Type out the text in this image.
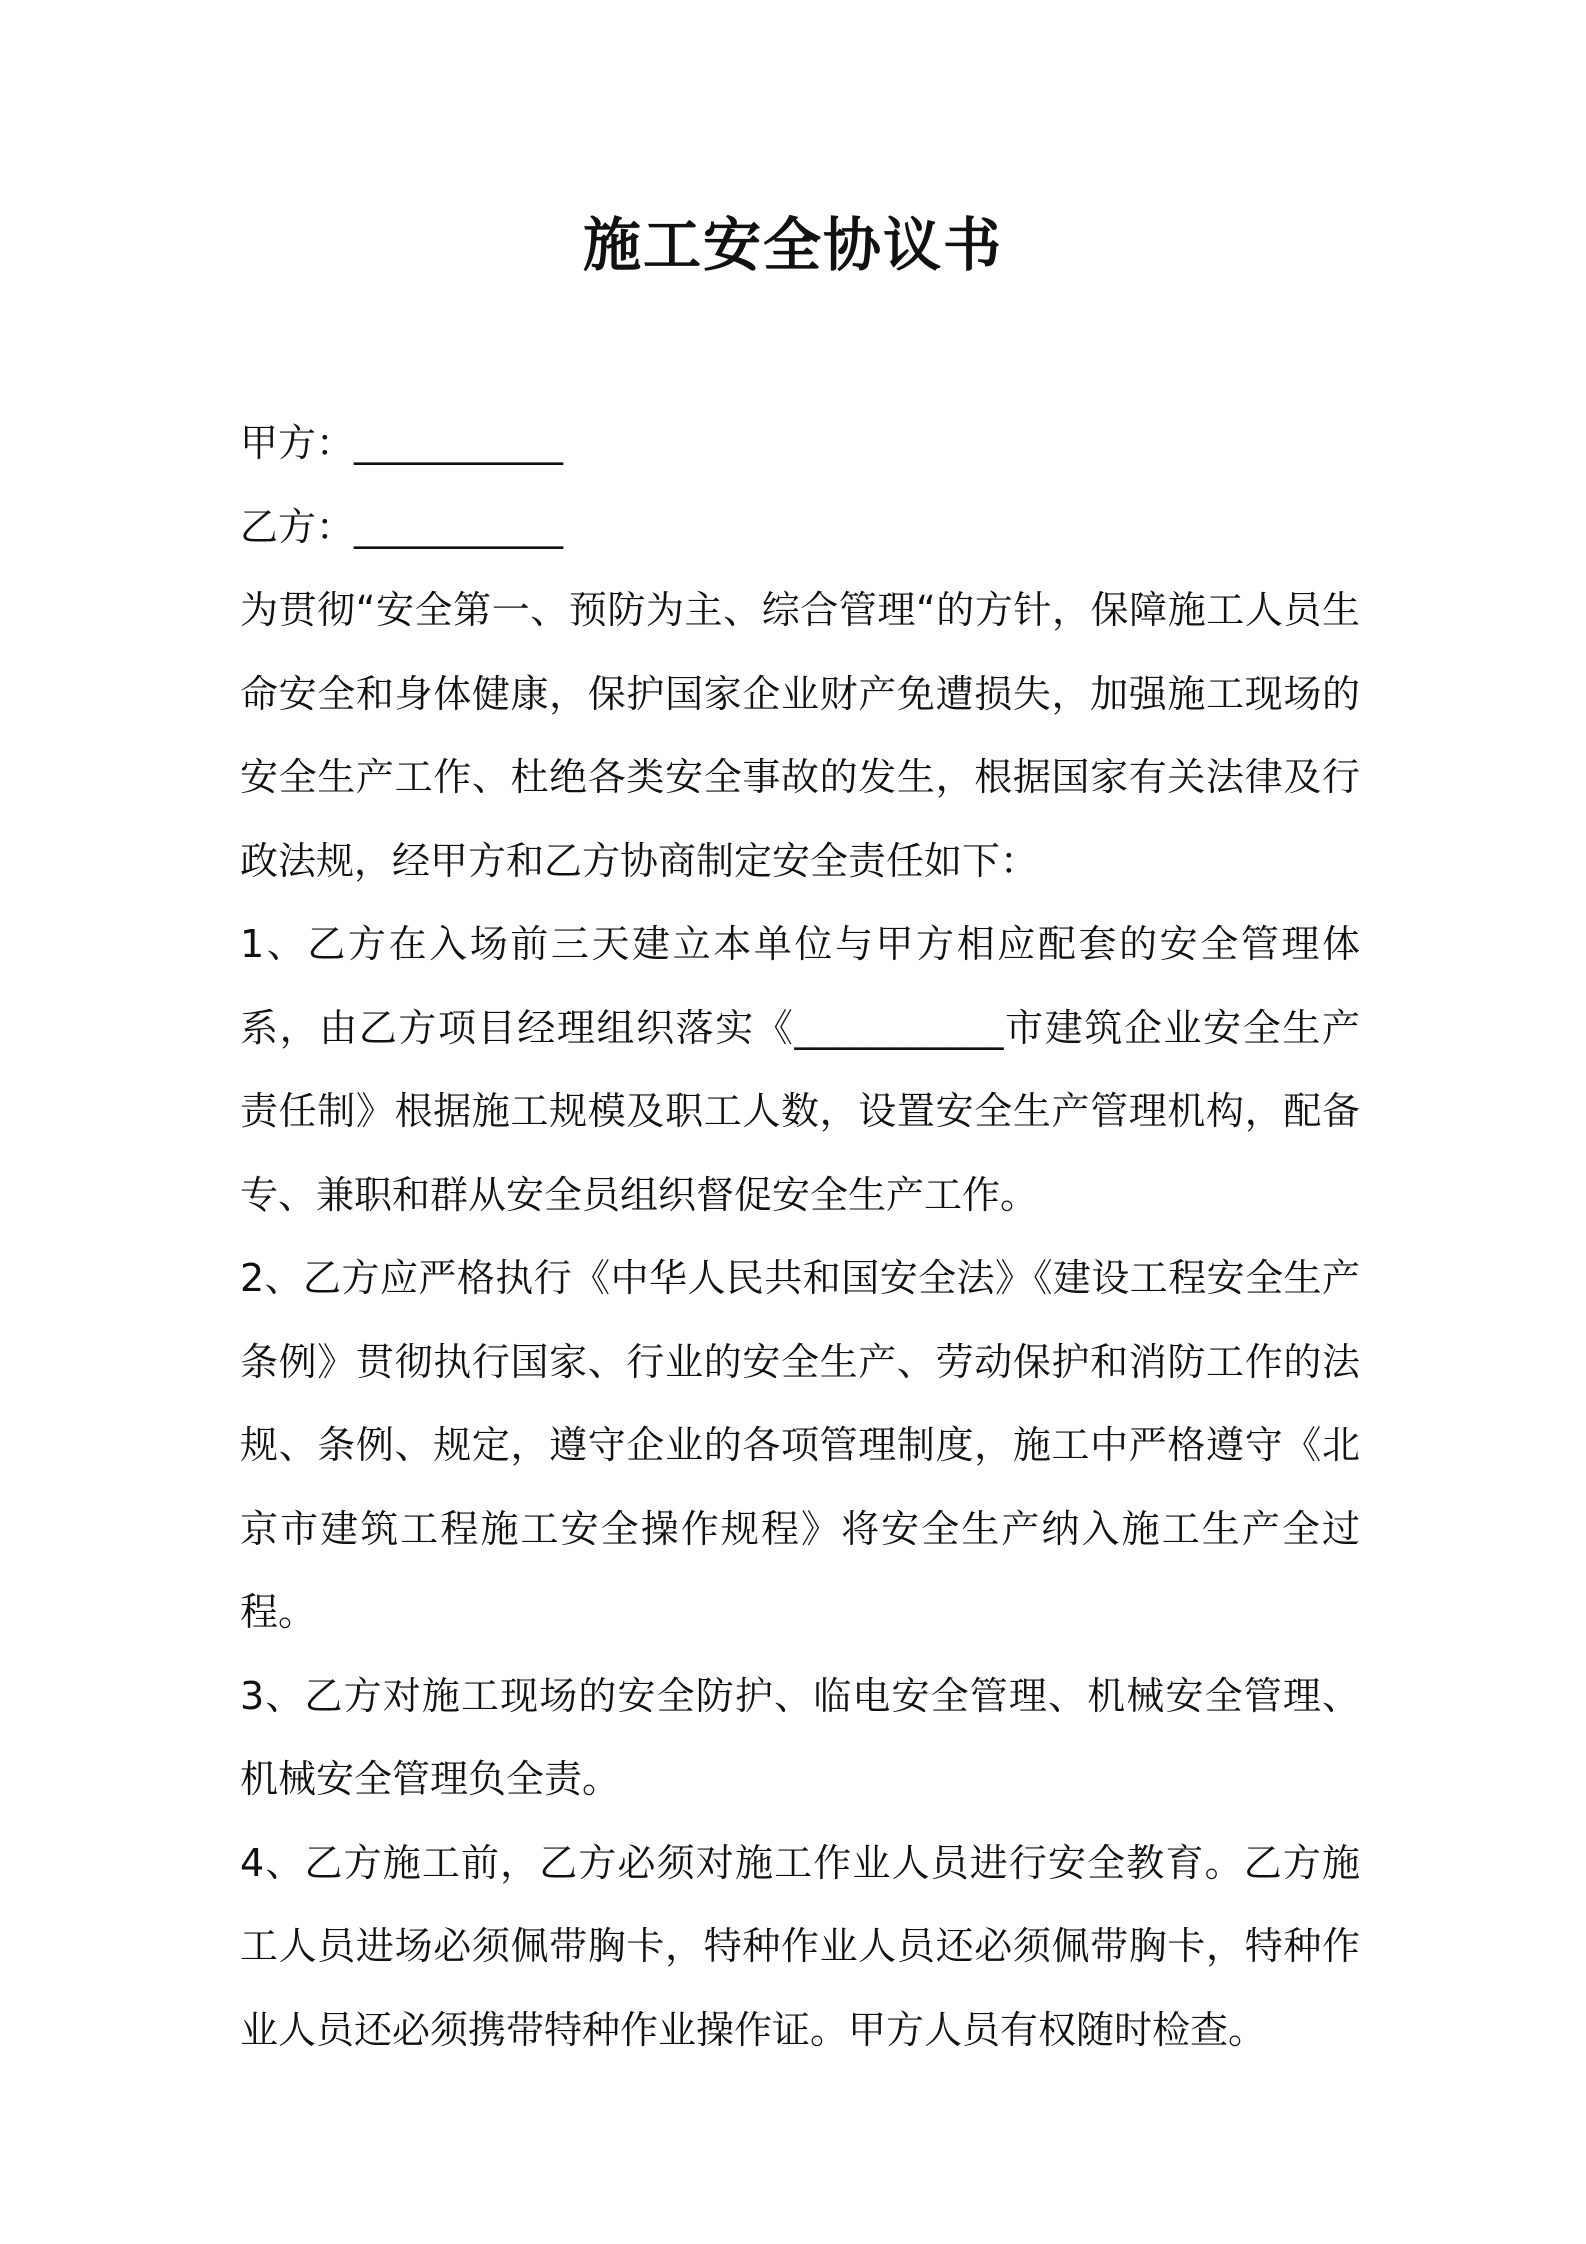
施工安全协议书

甲方：___________

乙方：___________

为贯彻“安全第一、预防为主、综合管理“的方针，保障施工人员生命安全和身体健康，保护国家企业财产免遭损失，加强施工现场的安全生产工作、杜绝各类安全事故的发生，根据国家有关法律及行政法规，经甲方和乙方协商制定安全责任如下：

1、乙方在入场前三天建立本单位与甲方相应配套的安全管理体系，由乙方项目经理组织落实《___________市建筑企业安全生产责任制》根据施工规模及职工人数，设置安全生产管理机构，配备专、兼职和群从安全员组织督促安全生产工作。

2、乙方应严格执行《中华人民共和国安全法》《建设工程安全生产条例》贯彻执行国家、行业的安全生产、劳动保护和消防工作的法规、条例、规定，遵守企业的各项管理制度，施工中严格遵守《北京市建筑工程施工安全操作规程》将安全生产纳入施工生产全过程。

3、乙方对施工现场的安全防护、临电安全管理、机械安全管理、机械安全管理负全责。

4、乙方施工前，乙方必须对施工作业人员进行安全教育。乙方施工人员进场必须佩带胸卡，特种作业人员还必须佩带胸卡，特种作业人员还必须携带特种作业操作证。甲方人员有权随时检查。
